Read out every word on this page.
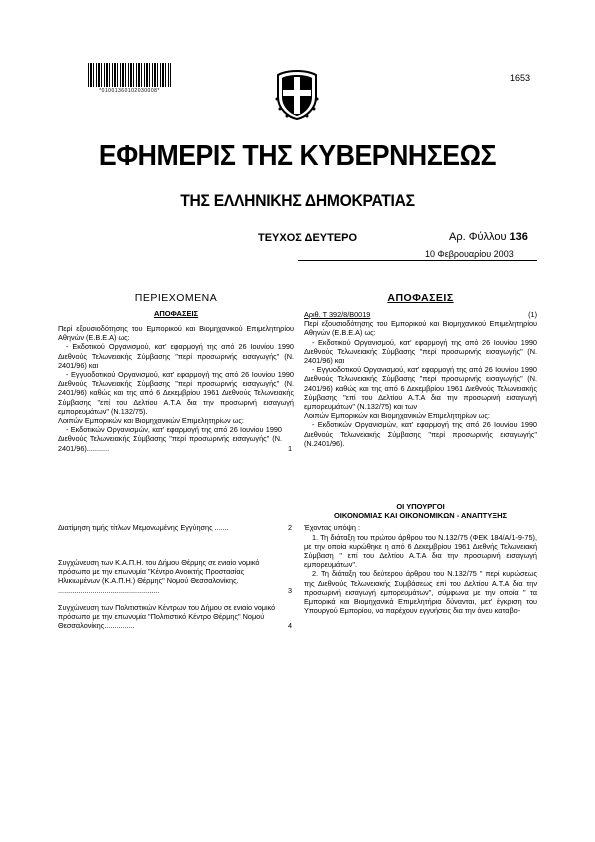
*01001360102030008*
1653
ΕΦΗΜΕΡΙΣ ΤΗΣ ΚΥΒΕΡΝΗΣΕΩΣ
ΤΗΣ ΕΛΛΗΝΙΚΗΣ ΔΗΜΟΚΡΑΤΙΑΣ
ΤΕΥΧΟΣ ΔΕΥΤΕΡΟ	Αρ. Φύλλου 136
10 Φεβρουαρίου 2003
ΠΕΡΙΕΧΟΜΕΝΑ
ΑΠΟΦΑΣΕΙΣ

Περί εξουσιοδότησης του Εμπορικού και Βιομηχανικού Επιμελητηρίου Αθηνών (Ε.Β.Ε.Α) ως:

- Εκδοτικού Οργανισμού, κατ' εφαρμογή της από 26 Ιουνίου 1990 Διεθνούς Τελωνειακής Σύμβασης "περί προσωρινής εισαγωγής" (Ν. 2401/96) και

- Εγγυοδοτικού Οργανισμού, κατ' εφαρμογή της από 26 Ιουνίου 1990 Διεθνούς Τελωνειακής Σύμβασης "περί προσωρινής εισαγωγής" (Ν. 2401/96) καθώς και της από 6 Δεκεμβρίου 1961 Διεθνούς Τελωνειακής Σύμβασης "επί του Δελτίου Α.Τ.Α δια την προσωρινή εισαγωγή εμπορευμάτων" (Ν.132/75).

Λοιπών Εμπορικών και Βιομηχανικών Επιμελητηρίων ως:

- Εκδοτικών Οργανισμών, κατ' εφαρμογή της από 26 Ιουνίου 1990 Διεθνούς Τελωνειακής Σύμβασης "περί προσωρινής εισαγωγής" (Ν. 2401/96)...........	1
Διατίμηση τιμής τίτλων Μεμονωμένης Εγγύησης .......	2
Συγχώνευση των Κ.Α.Π.Η. του Δήμου Θέρμης σε ενιαίο νομικό πρόσωπο με την επωνυμία "Κέντρο Ανοικτής Προστασίας Ηλικιωμένων (Κ.Α.Π.Η.) Θέρμης" Νομού Θεσσαλονίκης. ..................................................	3
Συγχώνευση των Πολιτιστικών Κέντρων του Δήμου σε ενιαίο νομικό πρόσωπο με την επωνυμία "Πολιτιστικό Κέντρο Θέρμης" Νομού Θεσσαλονίκης...............	4
ΑΠΟΦΑΣΕΙΣ
Αριθ. Τ 392/8/Β0019	(1)

Περί εξουσιοδότησης του Εμπορικού και Βιομηχανικού Επιμελητηρίου Αθηνών (Ε.Β.Ε.Α) ως:

- Εκδοτικού Οργανισμού, κατ' εφαρμογή της από 26 Ιουνίου 1990 Διεθνούς Τελωνειακής Σύμβασης "περί προσωρινής εισαγωγής" (Ν. 2401/96) και

- Εγγυοδοτικού Οργανισμού, κατ' εφαρμογή της από 26 Ιουνίου 1990 Διεθνούς Τελωνειακής Σύμβασης "περί προσωρινής εισαγωγής" (Ν. 2401/96) καθώς και της από 6 Δεκεμβρίου 1961 Διεθνούς Τελωνειακής Σύμβασης "επί του Δελτίου Α.Τ.Α δια την προσωρινή εισαγωγή εμπορευμάτων" (Ν.132/75) και των

Λοιπών Εμπορικών και Βιομηχανικών Επιμελητηρίων ως:

- Εκδοτικών Οργανισμών, κατ' εφαρμογή της από 26 Ιουνίου 1990 Διεθνούς Τελωνειακής Σύμβασης "περί προσωρινής εισαγωγής" (Ν.2401/96).

ΟΙ ΥΠΟΥΡΓΟΙ
ΟΙΚΟΝΟΜΙΑΣ ΚΑΙ ΟΙΚΟΝΟΜΙΚΩΝ - ΑΝΑΠΤΥΞΗΣ

Έχοντας υπόψη :

1. Τη διάταξη του πρώτου άρθρου του Ν.132/75 (ΦΕΚ 184/Α/1-9-75), με την οποία κυρώθηκε η από 6 Δεκεμβρίου 1961 Διεθνής Τελωνειακή Σύμβαση " επί του Δελτίου Α.Τ.Α δια την προσωρινή εισαγωγή εμπορευμάτων".

2. Τη διάταξη του δεύτερου άρθρου του Ν.132/75 " περί κυρώσεως της Διεθνούς Τελωνειακής Συμβάσεως επί του Δελτίου Α.Τ.Α δια την προσωρινή εισαγωγή εμπορευμάτων", σύμφωνα με την οποία " τα Εμπορικά και Βιομηχανικά Επιμελητήρια δύνανται, μετ' έγκριση του Υπουργού Εμπορίου, να παρέχουν εγγυήσεις δια την άνευ καταβο-
